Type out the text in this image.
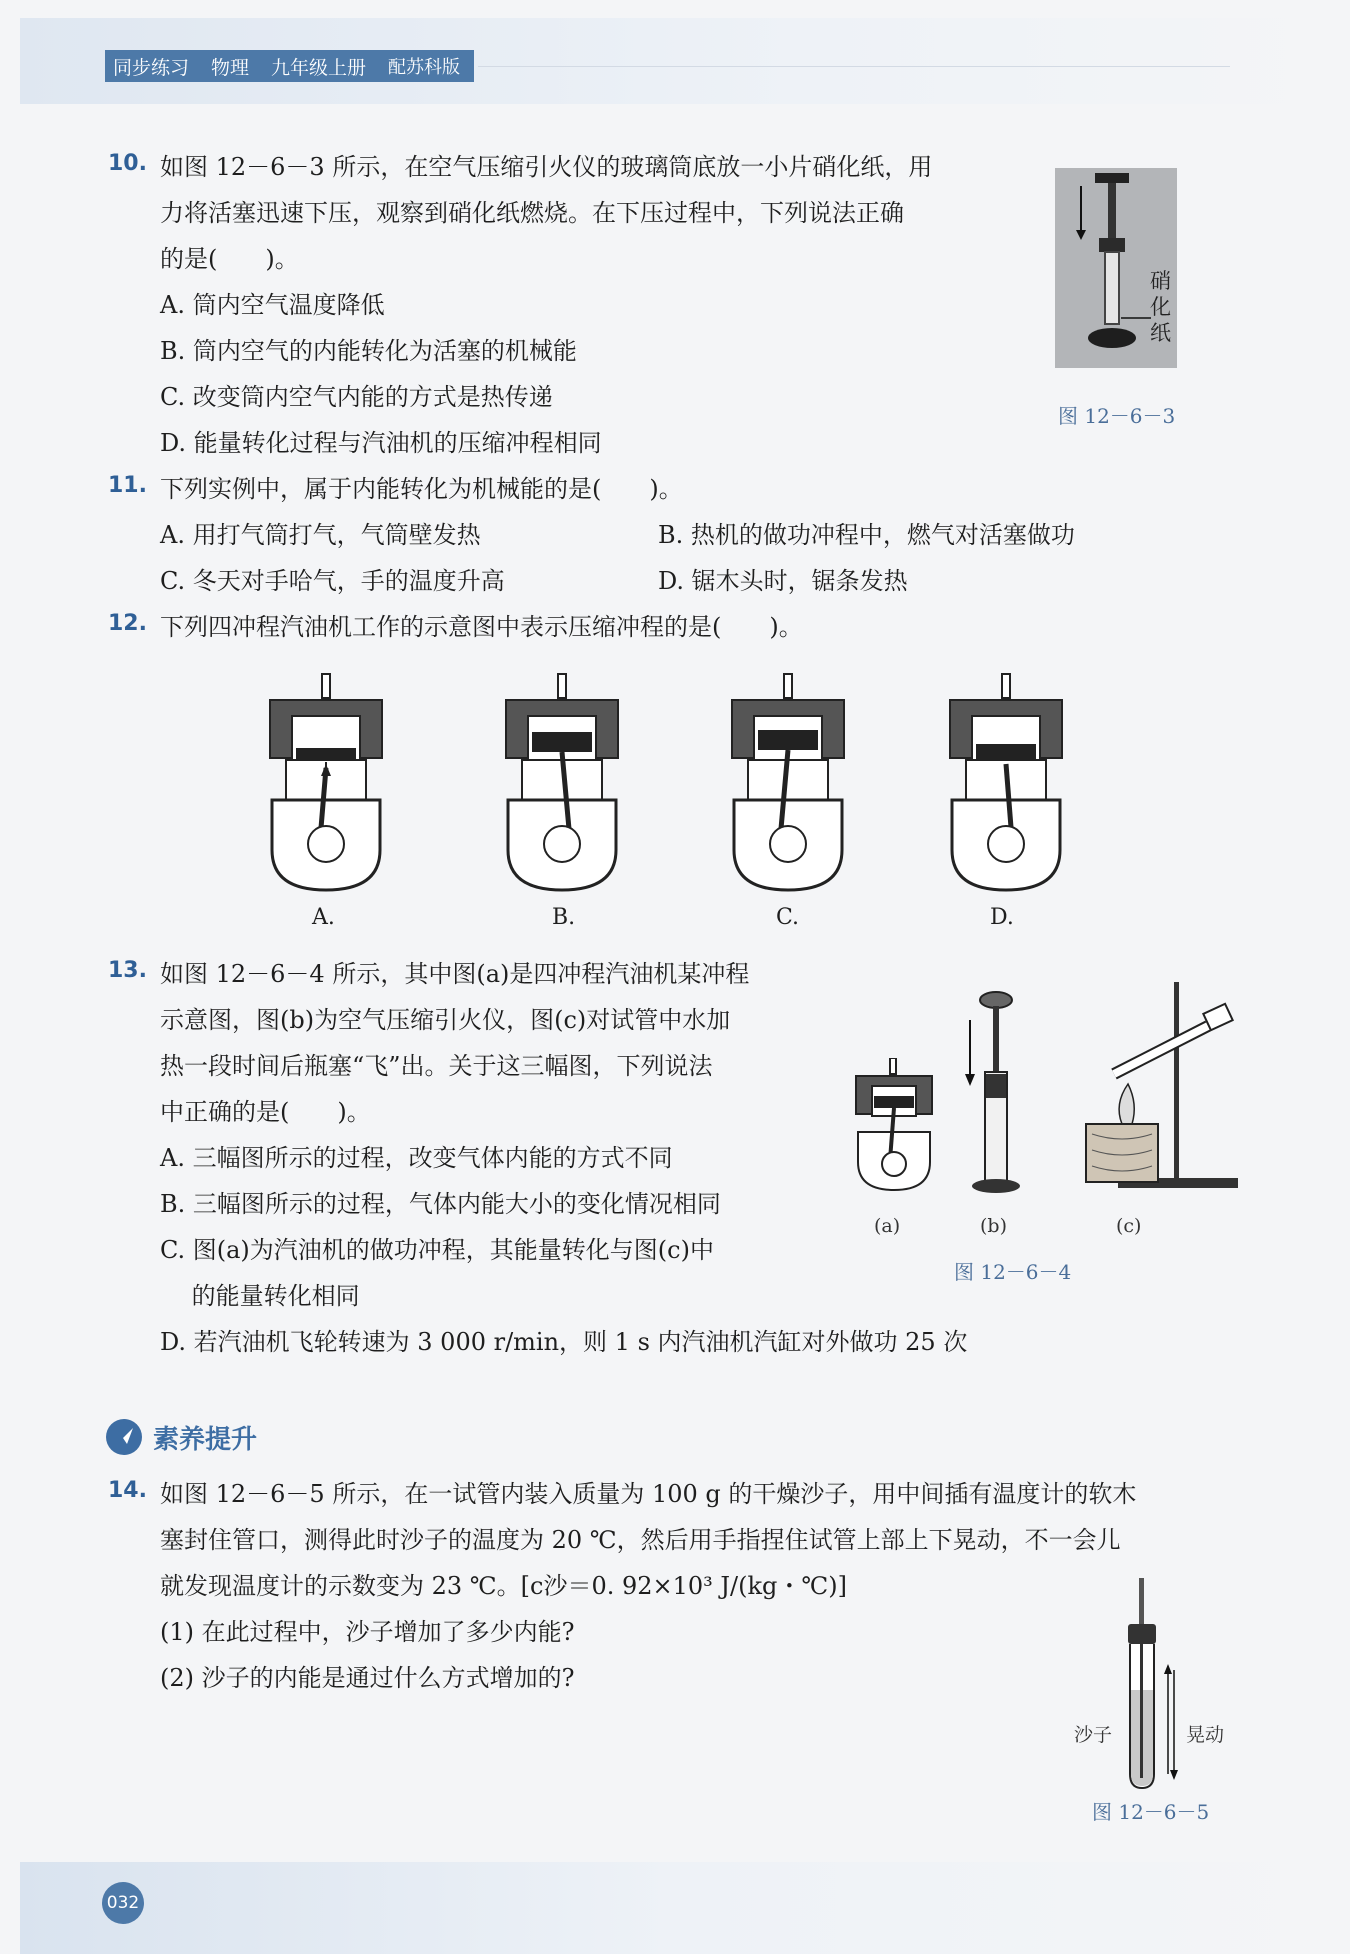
同步练习 物理 九年级上册 配苏科版
10. 如图 12－6－3 所示，在空气压缩引火仪的玻璃筒底放一小片硝化纸，用
力将活塞迅速下压，观察到硝化纸燃烧。在下压过程中，下列说法正确
的是(　　)。
A. 筒内空气温度降低
B. 筒内空气的内能转化为活塞的机械能
C. 改变筒内空气内能的方式是热传递
D. 能量转化过程与汽油机的压缩冲程相同
硝化纸
图 12－6－3
11. 下列实例中，属于内能转化为机械能的是(　　)。
A. 用打气筒打气，气筒壁发热	B. 热机的做功冲程中，燃气对活塞做功
C. 冬天对手哈气，手的温度升高	D. 锯木头时，锯条发热
12. 下列四冲程汽油机工作的示意图中表示压缩冲程的是(　　)。
A.	B.	C.	D.
13. 如图 12－6－4 所示，其中图(a)是四冲程汽油机某冲程
示意图，图(b)为空气压缩引火仪，图(c)对试管中水加
热一段时间后瓶塞“飞”出。关于这三幅图，下列说法
中正确的是(　　)。
A. 三幅图所示的过程，改变气体内能的方式不同
B. 三幅图所示的过程，气体内能大小的变化情况相同
C. 图(a)为汽油机的做功冲程，其能量转化与图(c)中
　 的能量转化相同
D. 若汽油机飞轮转速为 3 000 r/min，则 1 s 内汽油机汽缸对外做功 25 次
(a)	(b)	(c)
图 12－6－4
素养提升
14. 如图 12－6－5 所示，在一试管内装入质量为 100 g 的干燥沙子，用中间插有温度计的软木
塞封住管口，测得此时沙子的温度为 20 ℃，然后用手指捏住试管上部上下晃动，不一会儿
就发现温度计的示数变为 23 ℃。[c沙＝0. 92×10³ J/(kg・℃)]
(1) 在此过程中，沙子增加了多少内能?
(2) 沙子的内能是通过什么方式增加的?
沙子	晃动
图 12－6－5
032
